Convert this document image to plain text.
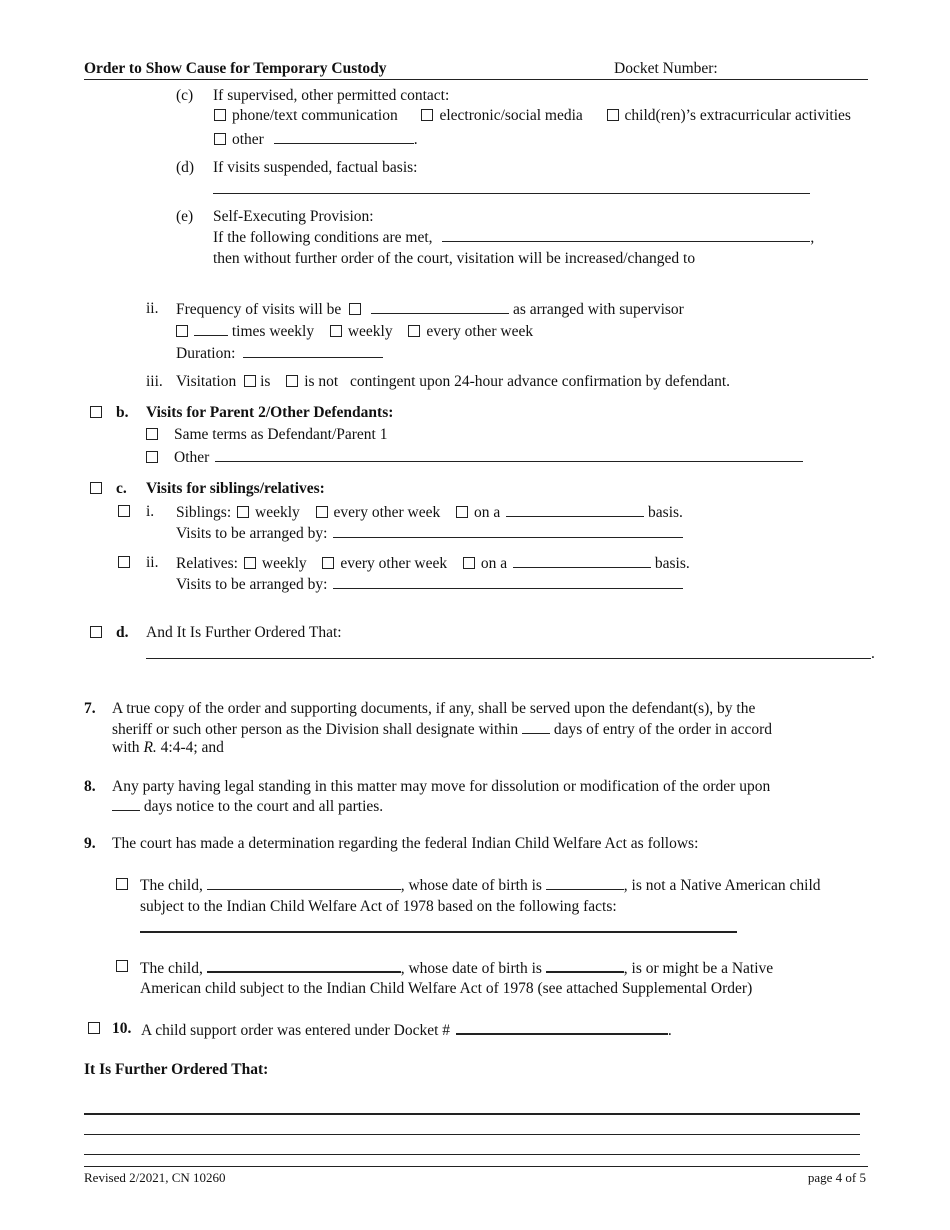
Order to Show Cause for Temporary Custody	Docket Number:
(c) If supervised, other permitted contact:
phone/text communication	electronic/social media	child(ren)’s extracurricular activities
other	.
(d) If visits suspended, factual basis:
(e) Self-Executing Provision:
If the following conditions are met,	,
then without further order of the court, visitation will be increased/changed to
ii. Frequency of visits will be	as arranged with supervisor
times weekly weekly every other week
Duration:
iii. Visitation is is not contingent upon 24-hour advance confirmation by defendant.
b. Visits for Parent 2/Other Defendants:
Same terms as Defendant/Parent 1
Other
c. Visits for siblings/relatives:
i. Siblings: weekly every other week on a	basis.
Visits to be arranged by:
ii. Relatives: weekly every other week on a	basis.
Visits to be arranged by:
d. And It Is Further Ordered That:
.
7. A true copy of the order and supporting documents, if any, shall be served upon the defendant(s), by the
sheriff or such other person as the Division shall designate within days of entry of the order in accord
with R. 4:4-4; and
8. Any party having legal standing in this matter may move for dissolution or modification of the order upon
days notice to the court and all parties.
9. The court has made a determination regarding the federal Indian Child Welfare Act as follows:
The child,	, whose date of birth is	, is not a Native American child
subject to the Indian Child Welfare Act of 1978 based on the following facts:
The child,	, whose date of birth is	, is or might be a Native
American child subject to the Indian Child Welfare Act of 1978 (see attached Supplemental Order)
10. A child support order was entered under Docket #	.
It Is Further Ordered That:
Revised 2/2021, CN 10260	page 4 of 5
